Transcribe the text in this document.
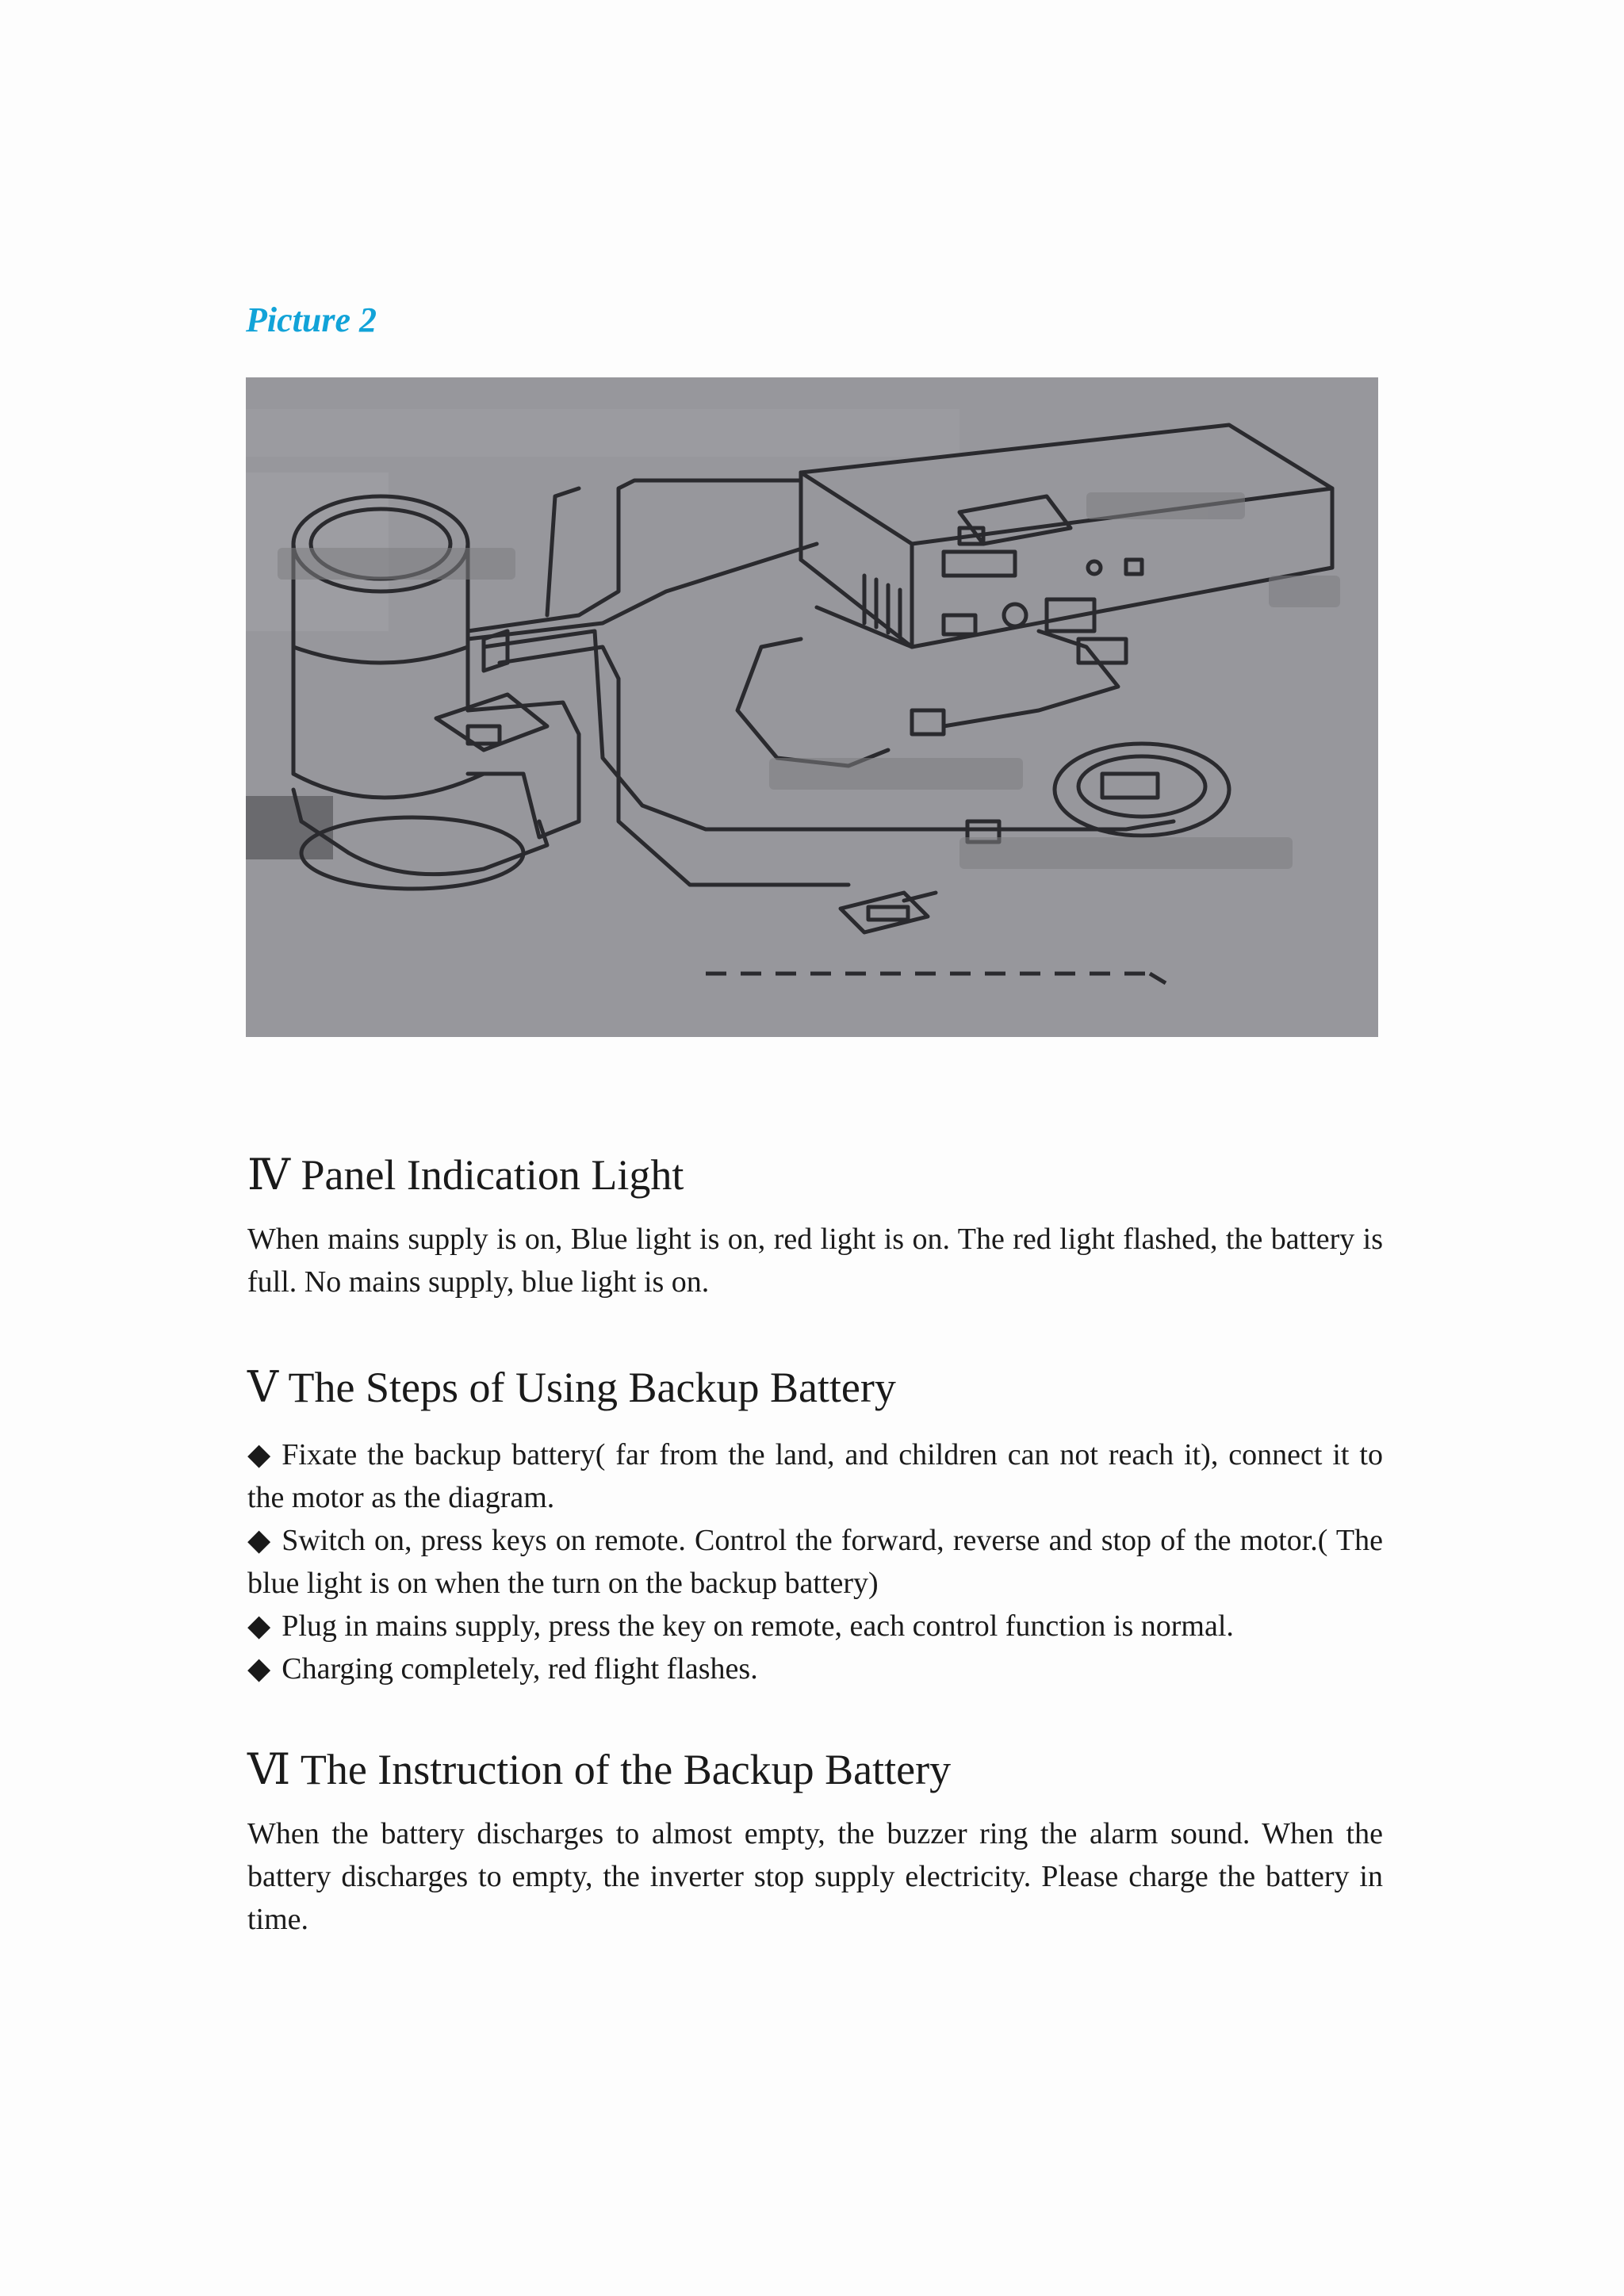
Picture 2
Ⅳ Panel Indication Light

When mains supply is on, Blue light is on, red light is on. The red light flashed, the battery is full. No mains supply, blue light is on.

Ⅴ The Steps of Using Backup Battery
◆ Fixate the backup battery( far from the land, and children can not reach it), connect it to the motor as the diagram.
◆ Switch on, press keys on remote. Control the forward, reverse and stop of the motor.( The blue light is on when the turn on the backup battery)
◆ Plug in mains supply, press the key on remote, each control function is normal.
◆ Charging completely, red flight flashes.
Ⅵ The Instruction of the Backup Battery

When the battery discharges to almost empty, the buzzer ring the alarm sound. When the battery discharges to empty, the inverter stop supply electricity. Please charge the battery in time.
